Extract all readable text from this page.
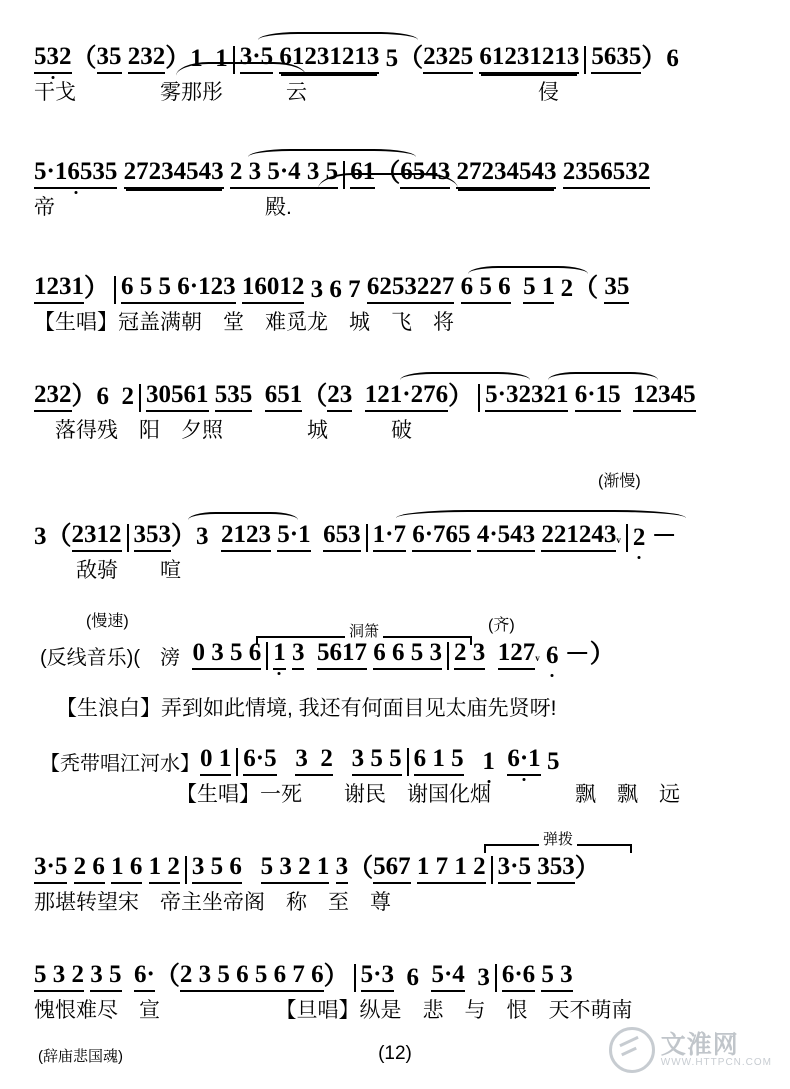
532 （ 35
232 ）1  1 3·5
61231213 5（ 2325
61231213 5635 ）6
干戈　　　　雾那彤　　　云　　　　　　　　　　　侵
5·16535
27234543
2 3 5·4 3 5 61 （ 6543
27234543
2356532
帝　　　　　　　　　　殿.
1231 ） 6 5 5 6·123
16012 3 6 7 6253227
6 5 6
5 1 2（ 35
【生唱】冠盖满朝　堂　难觅龙　城　飞　将
232 ）6  2 30561
535
651 （ 23
121·276 ） 5·32321
6·15
12345
　落得残　阳　夕照　　　　城　　　破
(渐慢)
3（ 2312 353 ）3 2123
5·1
653 1·7
6·765
4·543
221243 ᵛ 2 －
　　敌骑　　喧
(慢速)
洞箫	(齐)
(反线音乐)(　滂
0 3 5 6 1
3
5617
6 6 5 3 2 3
127 ᵛ
6 －）
【生浪白】弄到如此情境, 我还有何面目见太庙先贤呀!
【秃带唱江河水】 0 1 6·5
3  2
3 5 5 6 1 5
1
6·1 5
【生唱】一死　　谢民　谢国化烟　　　　飘　飘　远
弹拨
3·5
2 6
1 6
1 2 3 5 6
5 3 2 1
3 （ 567
1 7 1 2 3·5
353 ）
那堪转望宋　帝主坐帝阁　称　至　尊
5 3 2
3 5
6· （ 2 3 5 6 5 6 7 6 ） 5·3 6 5·4 3 6·6
5 3
愧恨难尽　宣　　　　　　【旦唱】纵是　悲　与　恨　天不萌南
(辞庙悲国魂)	(12)	文淮网
WWW.HTTPCN.COM
